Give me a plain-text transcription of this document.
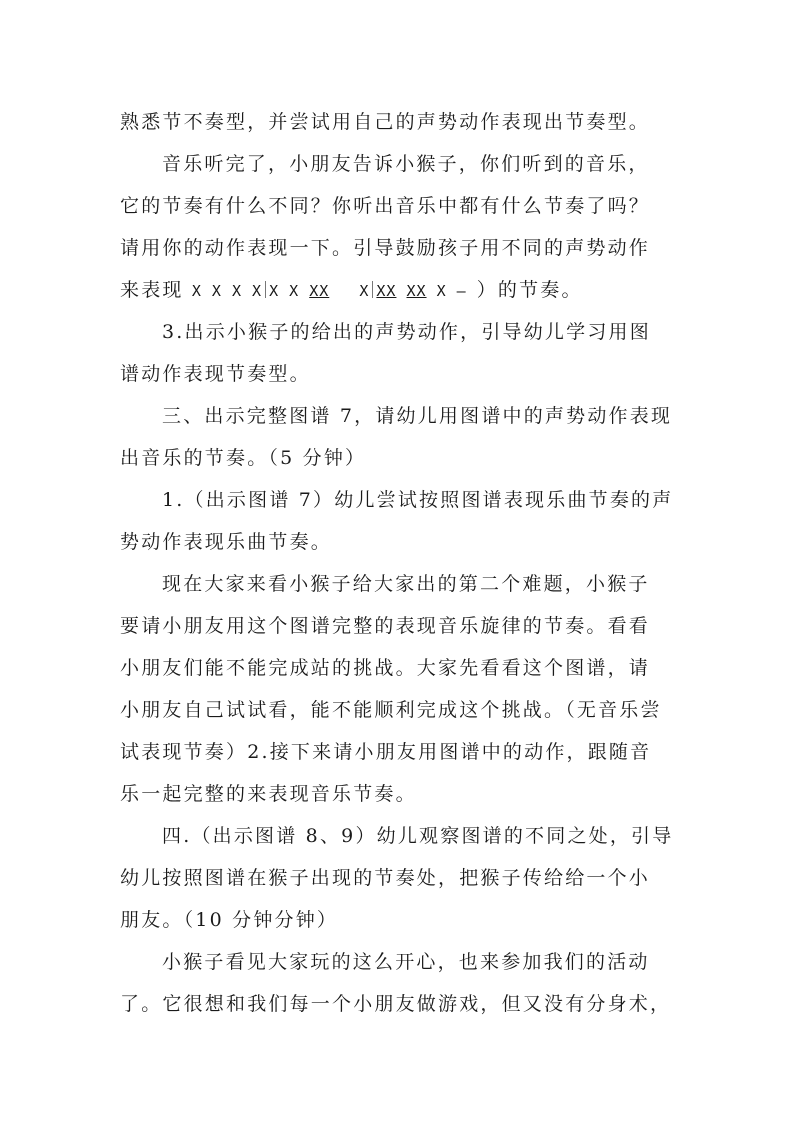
熟悉节不奏型，并尝试用自己的声势动作表现出节奏型。
音乐听完了，小朋友告诉小猴子，你们听到的音乐，
它的节奏有什么不同？你听出音乐中都有什么节奏了吗？
请用你的动作表现一下。引导鼓励孩子用不同的声势动作
来表现 X X X X X X XX X XX XX X — ）的节奏。
3.出示小猴子的给出的声势动作，引导幼儿学习用图
谱动作表现节奏型。
三、出示完整图谱 7，请幼儿用图谱中的声势动作表现
出音乐的节奏。（5 分钟）
1.（出示图谱 7）幼儿尝试按照图谱表现乐曲节奏的声
势动作表现乐曲节奏。
现在大家来看小猴子给大家出的第二个难题，小猴子
要请小朋友用这个图谱完整的表现音乐旋律的节奏。看看
小朋友们能不能完成站的挑战。大家先看看这个图谱，请
小朋友自己试试看，能不能顺利完成这个挑战。（无音乐尝
试表现节奏）2.接下来请小朋友用图谱中的动作，跟随音
乐一起完整的来表现音乐节奏。
四.（出示图谱 8、9）幼儿观察图谱的不同之处，引导
幼儿按照图谱在猴子出现的节奏处，把猴子传给给一个小
朋友。（10 分钟分钟）
小猴子看见大家玩的这么开心，也来参加我们的活动
了。它很想和我们每一个小朋友做游戏，但又没有分身术，
